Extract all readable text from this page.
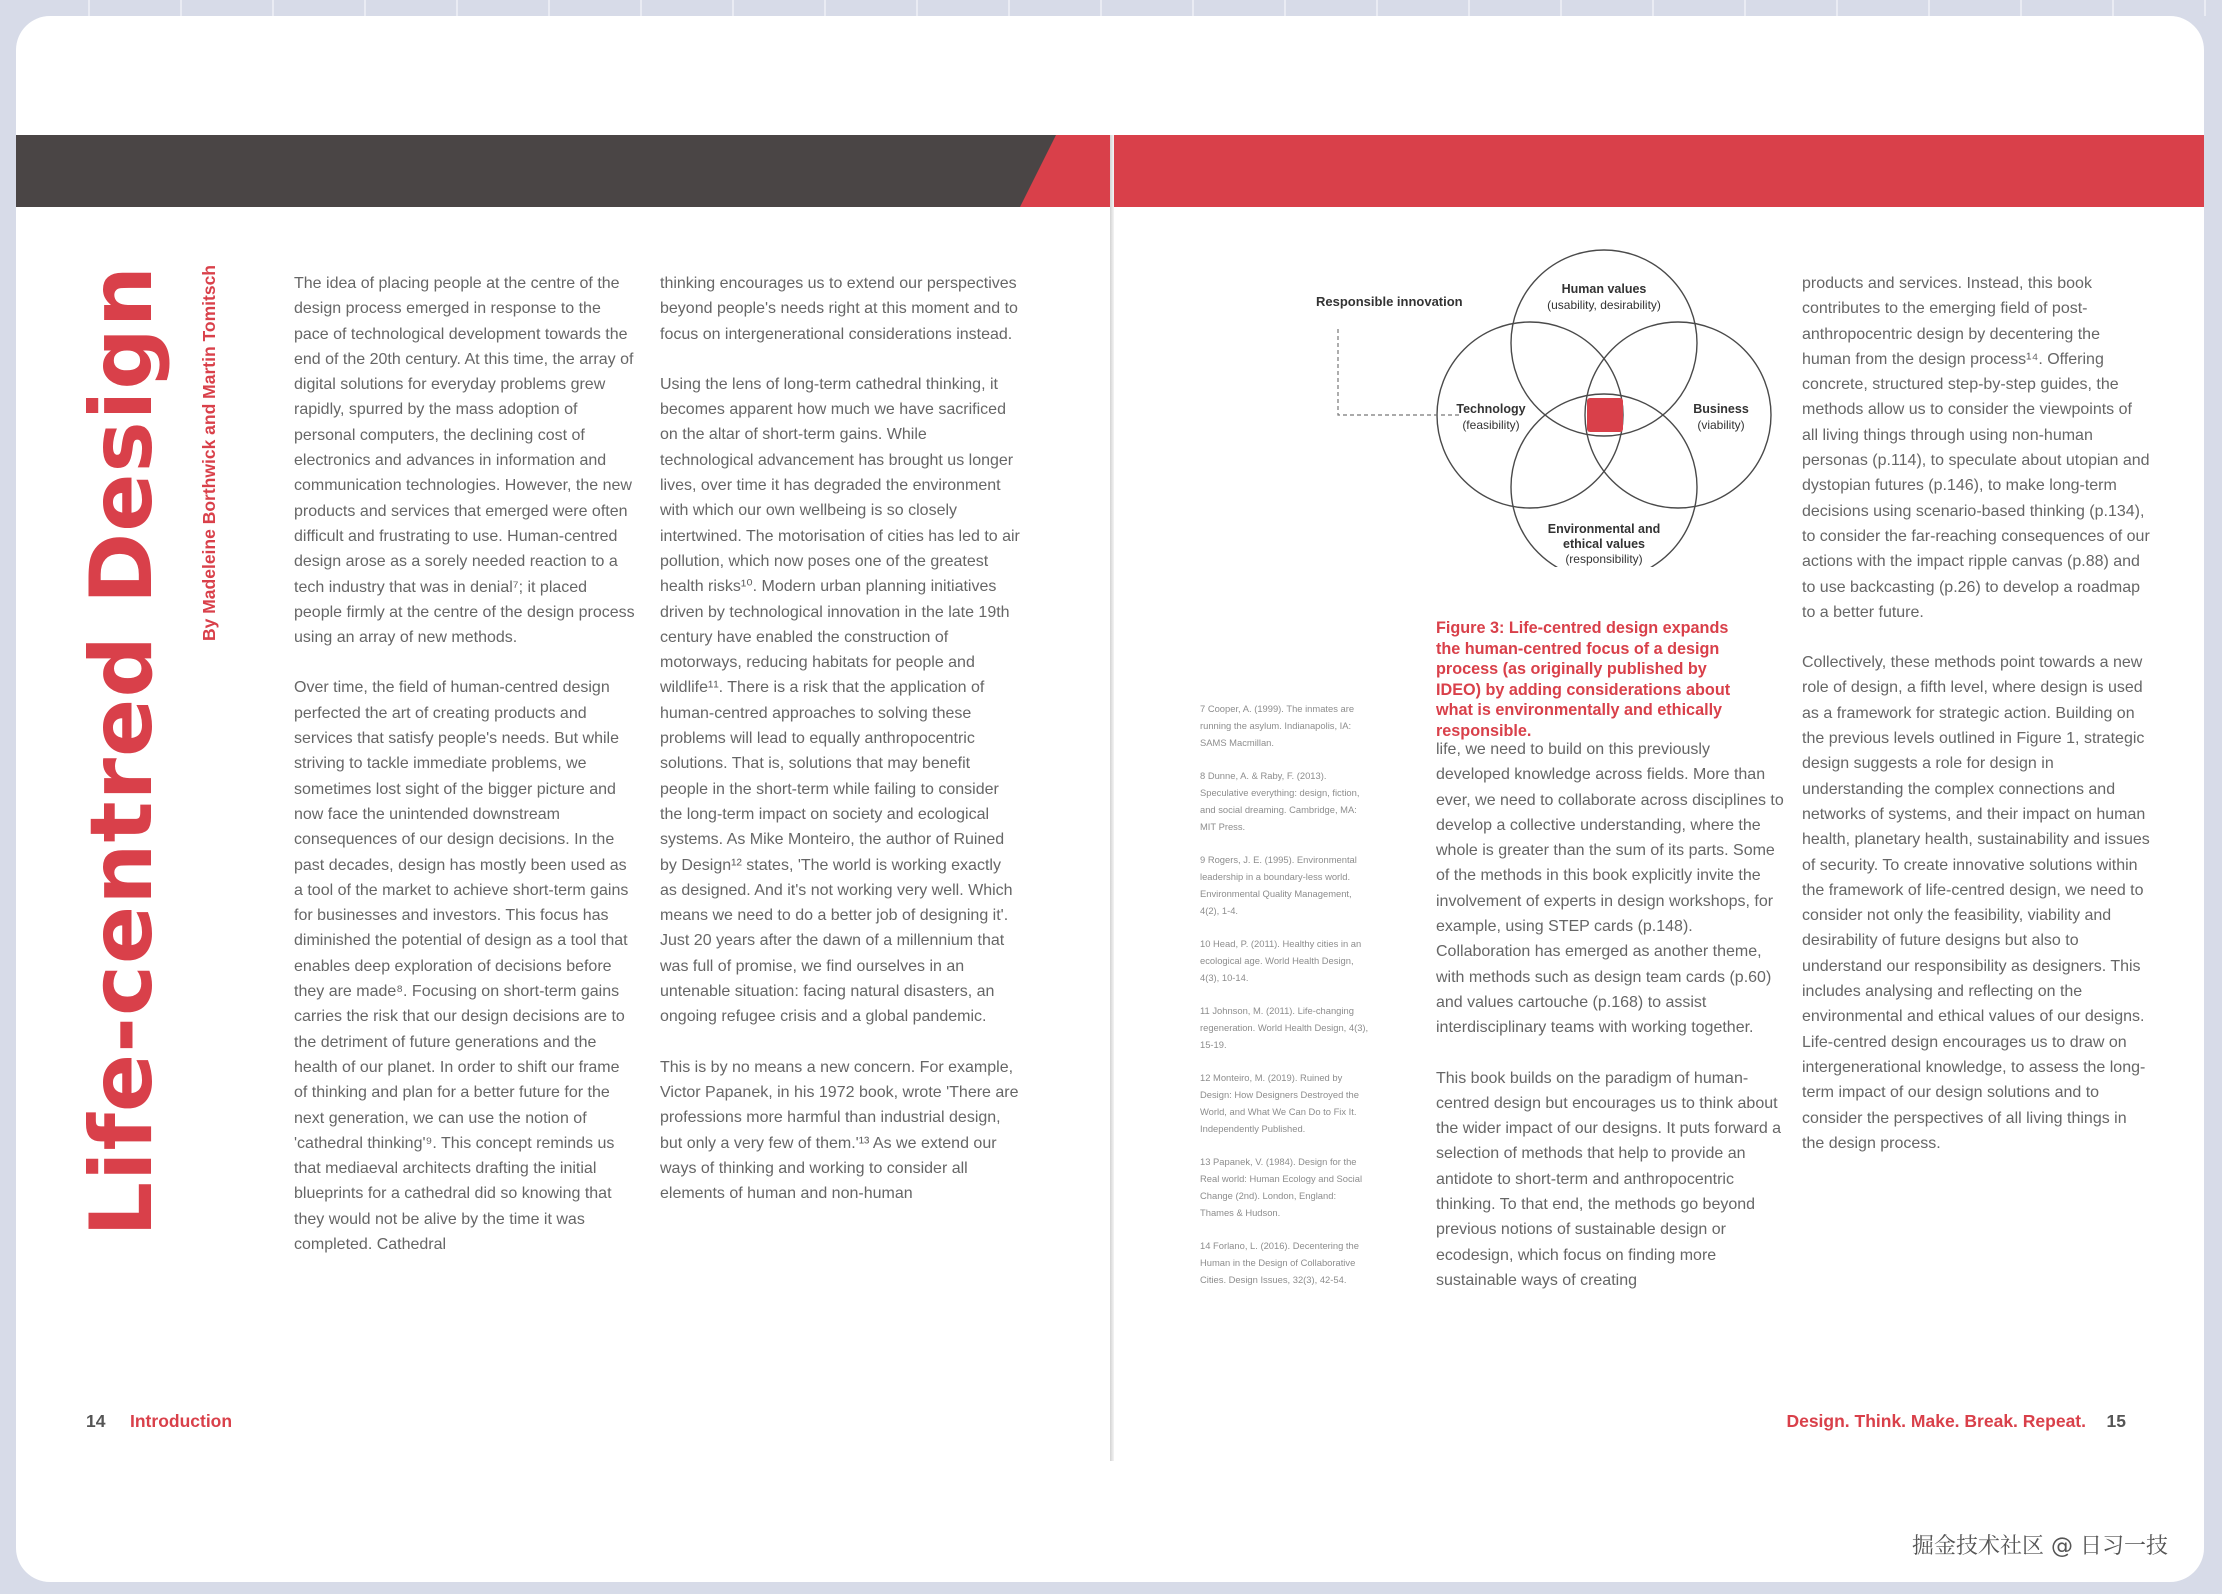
Life-centred Design By Madeleine Borthwick and Martin Tomitsch	The idea of placing people at the centre of the design process emerged in response to the pace of technological development towards the end of the 20th century. At this time, the array of digital solutions for everyday problems grew rapidly, spurred by the mass adoption of personal computers, the declining cost of electronics and advances in information and communication technologies. However, the new products and services that emerged were often difficult and frustrating to use. Human-centred design arose as a sorely needed reaction to a tech industry that was in denial⁷; it placed people firmly at the centre of the design process using an array of new methods.

Over time, the field of human-centred design perfected the art of creating products and services that satisfy people's needs. But while striving to tackle immediate problems, we sometimes lost sight of the bigger picture and now face the unintended downstream consequences of our design decisions. In the past decades, design has mostly been used as a tool of the market to achieve short-term gains for businesses and investors. This focus has diminished the potential of design as a tool that enables deep exploration of decisions before they are made⁸. Focusing on short-term gains carries the risk that our design decisions are to the detriment of future generations and the health of our planet. In order to shift our frame of thinking and plan for a better future for the next generation, we can use the notion of 'cathedral thinking'⁹. This concept reminds us that mediaeval architects drafting the initial blueprints for a cathedral did so knowing that they would not be alive by the time it was completed. Cathedral

thinking encourages us to extend our perspectives beyond people's needs right at this moment and to focus on intergenerational considerations instead.

Using the lens of long-term cathedral thinking, it becomes apparent how much we have sacrificed on the altar of short-term gains. While technological advancement has brought us longer lives, over time it has degraded the environment with which our own wellbeing is so closely intertwined. The motorisation of cities has led to air pollution, which now poses one of the greatest health risks¹⁰. Modern urban planning initiatives driven by technological innovation in the late 19th century have enabled the construction of motorways, reducing habitats for people and wildlife¹¹. There is a risk that the application of human-centred approaches to solving these problems will lead to equally anthropocentric solutions. That is, solutions that may benefit people in the short-term while failing to consider the long-term impact on society and ecological systems. As Mike Monteiro, the author of Ruined by Design¹² states, 'The world is working exactly as designed. And it's not working very well. Which means we need to do a better job of designing it'. Just 20 years after the dawn of a millennium that was full of promise, we find ourselves in an untenable situation: facing natural disasters, an ongoing refugee crisis and a global pandemic.

This is by no means a new concern. For example, Victor Papanek, in his 1972 book, wrote 'There are professions more harmful than industrial design, but only a very few of them.'¹³ As we extend our ways of thinking and working to consider all elements of human and non-human

14 Introduction
Responsible innovation
Human values
(usability, desirability)
Technology
(feasibility)
Business
(viability)
Environmental and
ethical values
(responsibility)
Figure 3: Life-centred design expands the human-centred focus of a design process (as originally published by IDEO) by adding considerations about what is environmentally and ethically responsible.
7 Cooper, A. (1999). The inmates are running the asylum. Indianapolis, IA: SAMS Macmillan.
8 Dunne, A. & Raby, F. (2013). Speculative everything: design, fiction, and social dreaming. Cambridge, MA: MIT Press.
9 Rogers, J. E. (1995). Environmental leadership in a boundary-less world. Environmental Quality Management, 4(2), 1-4.
10 Head, P. (2011). Healthy cities in an ecological age. World Health Design, 4(3), 10-14.
11 Johnson, M. (2011). Life-changing regeneration. World Health Design, 4(3), 15-19.
12 Monteiro, M. (2019). Ruined by Design: How Designers Destroyed the World, and What We Can Do to Fix It. Independently Published.
13 Papanek, V. (1984). Design for the Real world: Human Ecology and Social Change (2nd). London, England: Thames & Hudson.
14 Forlano, L. (2016). Decentering the Human in the Design of Collaborative Cities. Design Issues, 32(3), 42-54.

life, we need to build on this previously developed knowledge across fields. More than ever, we need to collaborate across disciplines to develop a collective understanding, where the whole is greater than the sum of its parts. Some of the methods in this book explicitly invite the involvement of experts in design workshops, for example, using STEP cards (p.148). Collaboration has emerged as another theme, with methods such as design team cards (p.60) and values cartouche (p.168) to assist interdisciplinary teams with working together.

This book builds on the paradigm of human-centred design but encourages us to think about the wider impact of our designs. It puts forward a selection of methods that help to provide an antidote to short-term and anthropocentric thinking. To that end, the methods go beyond previous notions of sustainable design or ecodesign, which focus on finding more sustainable ways of creating

products and services. Instead, this book contributes to the emerging field of post-anthropocentric design by decentering the human from the design process¹⁴. Offering concrete, structured step-by-step guides, the methods allow us to consider the viewpoints of all living things through using non-human personas (p.114), to speculate about utopian and dystopian futures (p.146), to make long-term decisions using scenario-based thinking (p.134), to consider the far-reaching consequences of our actions with the impact ripple canvas (p.88) and to use backcasting (p.26) to develop a roadmap to a better future.

Collectively, these methods point towards a new role of design, a fifth level, where design is used as a framework for strategic action. Building on the previous levels outlined in Figure 1, strategic design suggests a role for design in understanding the complex connections and networks of systems, and their impact on human health, planetary health, sustainability and issues of security. To create innovative solutions within the framework of life-centred design, we need to consider not only the feasibility, viability and desirability of future designs but also to understand our responsibility as designers. This includes analysing and reflecting on the environmental and ethical values of our designs. Life-centred design encourages us to draw on intergenerational knowledge, to assess the long-term impact of our design solutions and to consider the perspectives of all living things in the design process.

Design. Think. Make. Break. Repeat. 15
掘金技术社区 @ 日习一技
